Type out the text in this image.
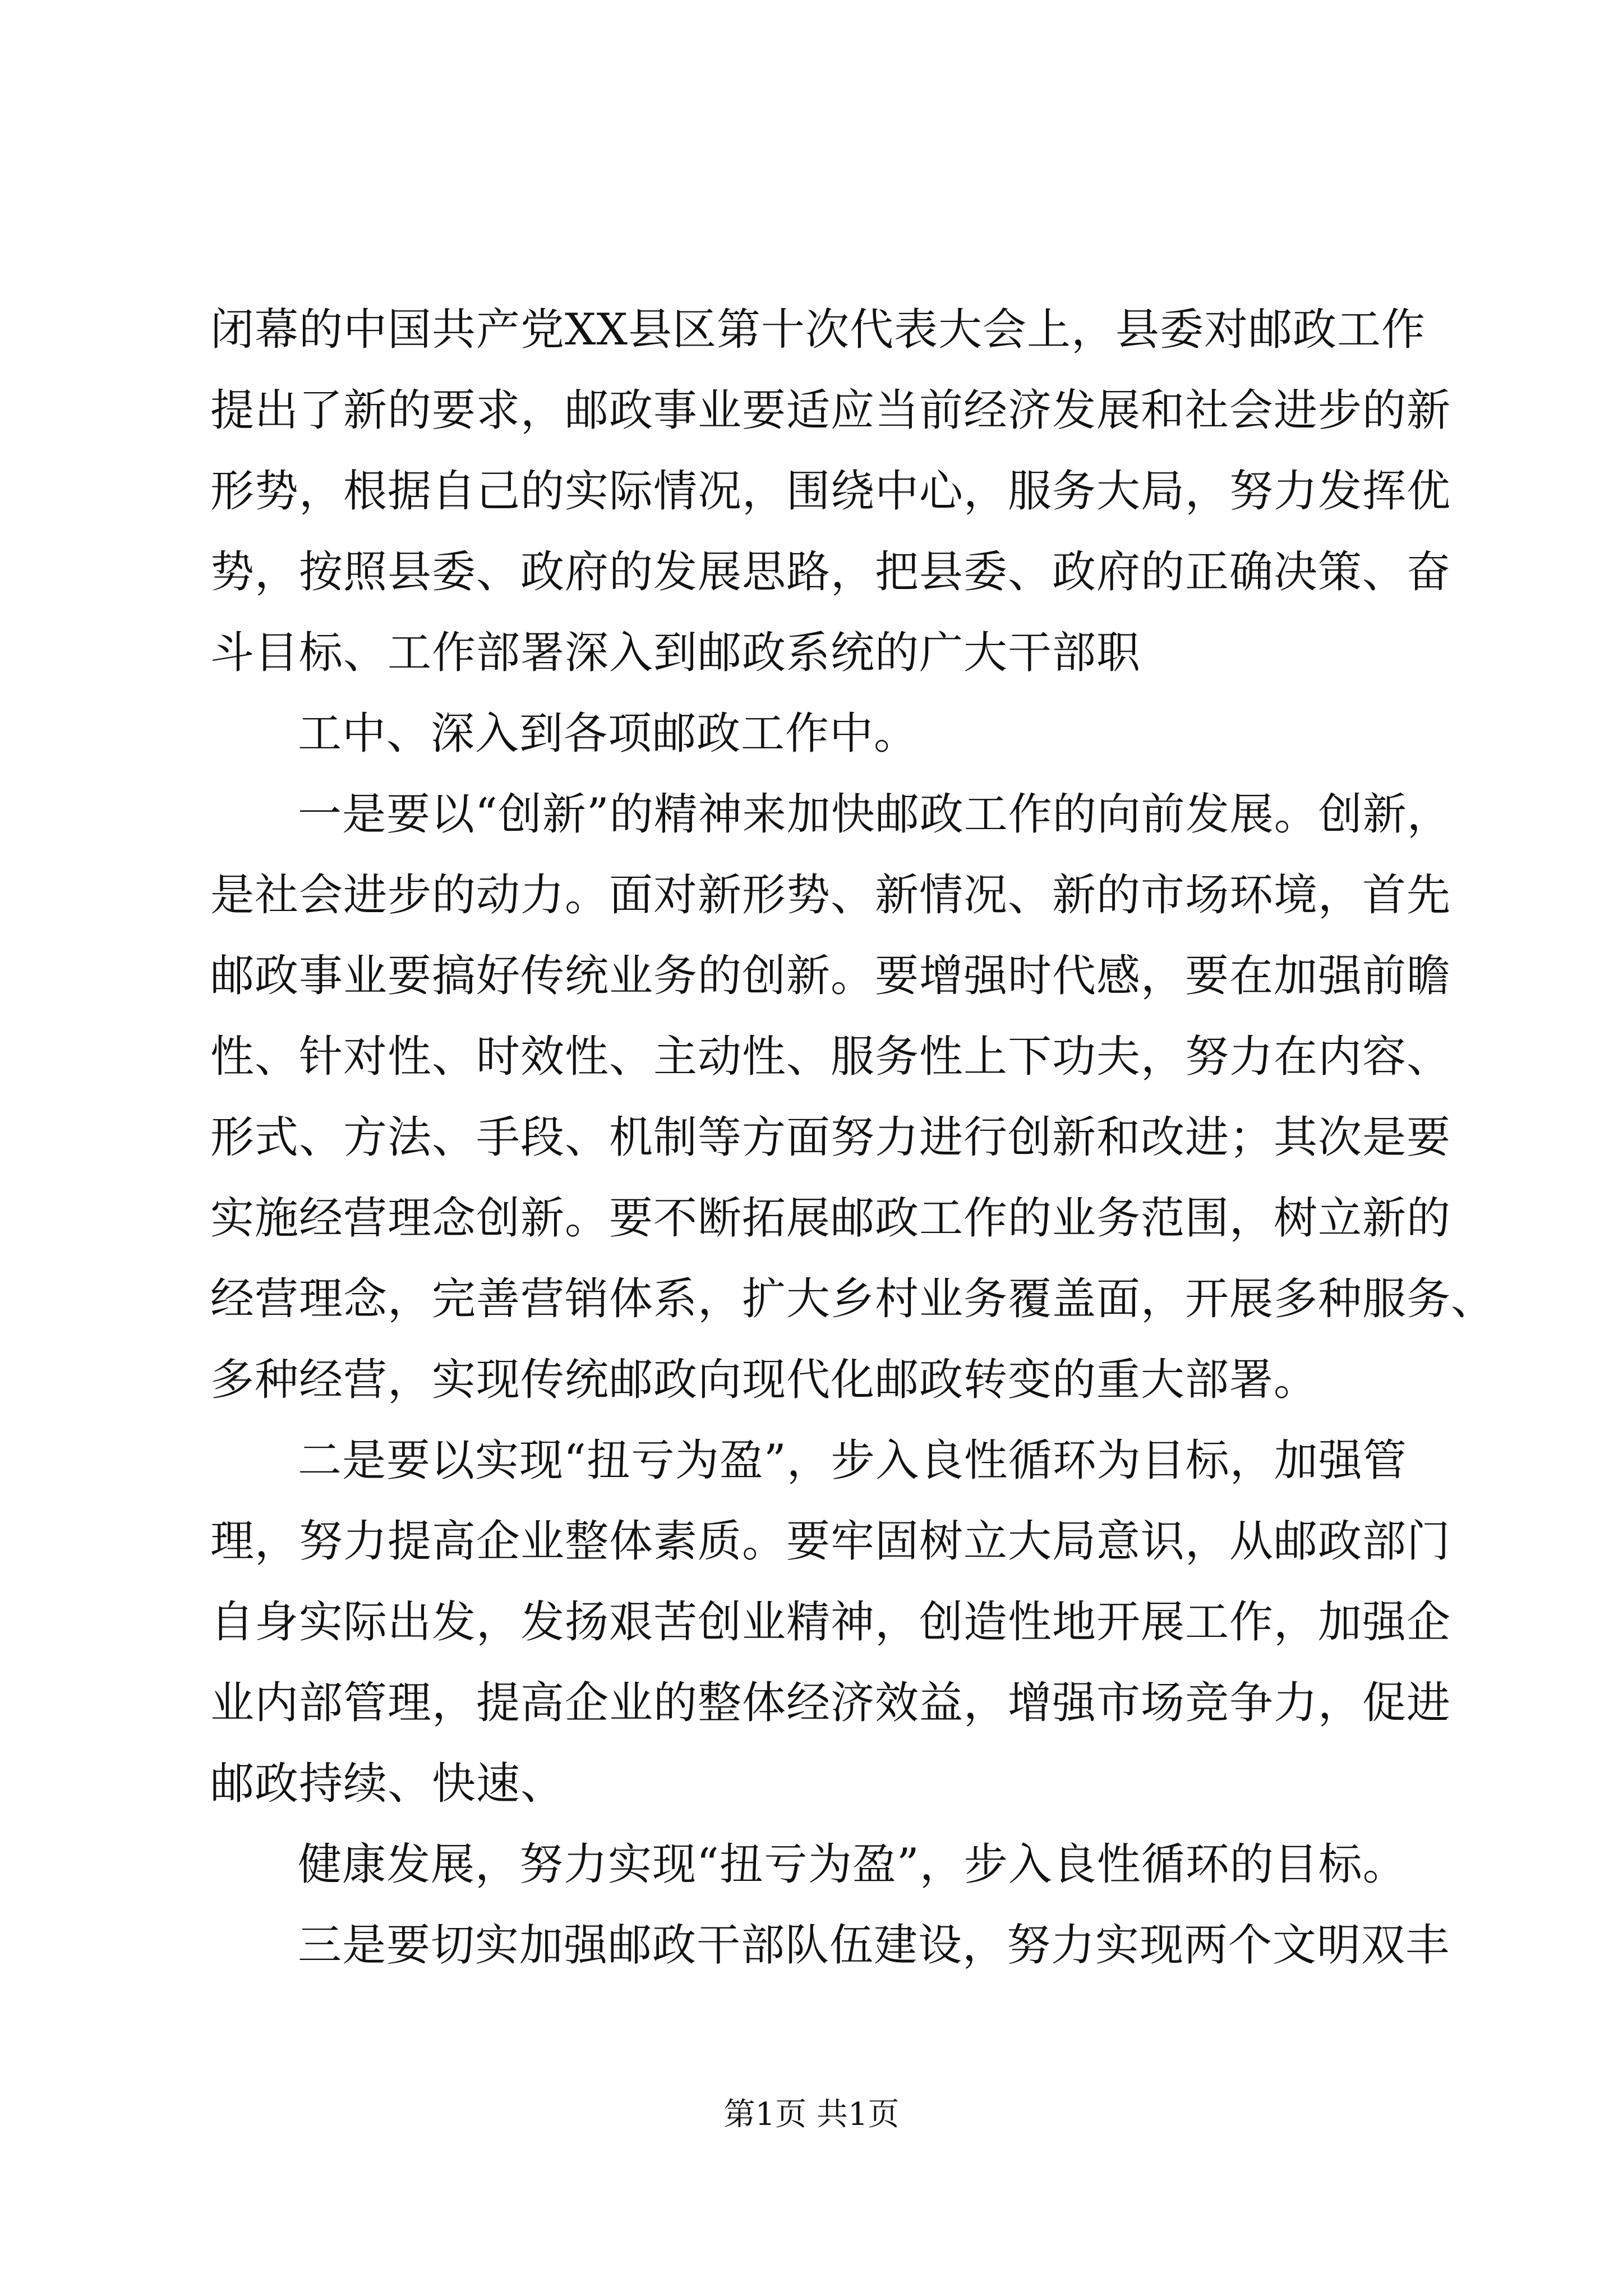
闭幕的中国共产党XX县区第十次代表大会上，县委对邮政工作
提出了新的要求，邮政事业要适应当前经济发展和社会进步的新
形势，根据自己的实际情况，围绕中心，服务大局，努力发挥优
势，按照县委、政府的发展思路，把县委、政府的正确决策、奋
斗目标、工作部署深入到邮政系统的广大干部职
工中、深入到各项邮政工作中。
一是要以“创新”的精神来加快邮政工作的向前发展。创新，
是社会进步的动力。面对新形势、新情况、新的市场环境，首先
邮政事业要搞好传统业务的创新。要增强时代感，要在加强前瞻
性、针对性、时效性、主动性、服务性上下功夫，努力在内容、
形式、方法、手段、机制等方面努力进行创新和改进；其次是要
实施经营理念创新。要不断拓展邮政工作的业务范围，树立新的
经营理念，完善营销体系，扩大乡村业务覆盖面，开展多种服务、
多种经营，实现传统邮政向现代化邮政转变的重大部署。
二是要以实现“扭亏为盈”，步入良性循环为目标，加强管
理，努力提高企业整体素质。要牢固树立大局意识，从邮政部门
自身实际出发，发扬艰苦创业精神，创造性地开展工作，加强企
业内部管理，提高企业的整体经济效益，增强市场竞争力，促进
邮政持续、快速、
健康发展，努力实现“扭亏为盈”，步入良性循环的目标。
三是要切实加强邮政干部队伍建设，努力实现两个文明双丰
第1页 共1页
